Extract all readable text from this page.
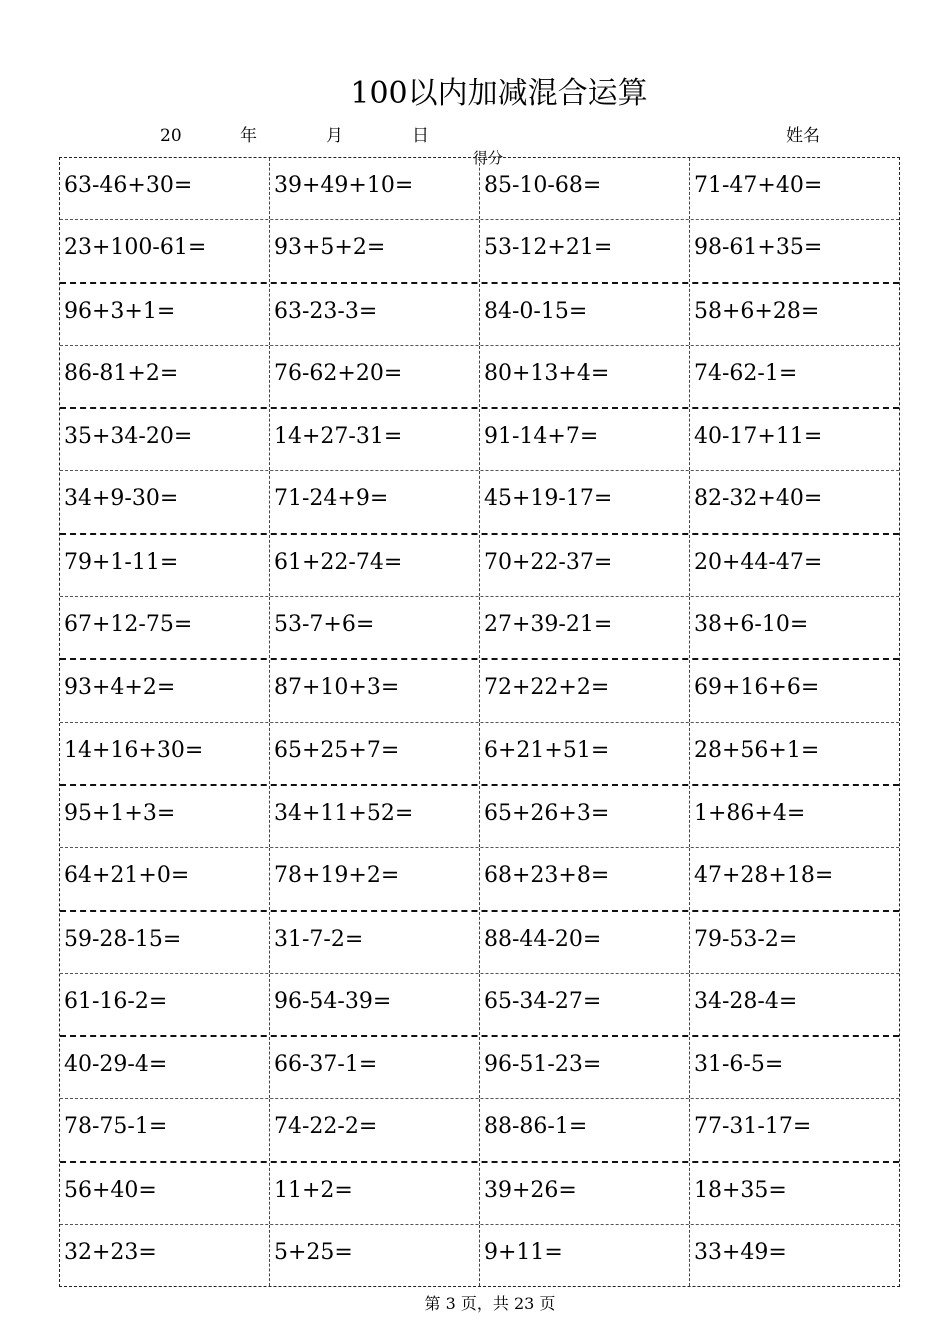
100以内加减混合运算
20	年	月	日	姓名
得分
63-46+30=	39+49+10=	85-10-68=	71-47+40=
23+100-61=	93+5+2=	53-12+21=	98-61+35=
96+3+1=	63-23-3=	84-0-15=	58+6+28=
86-81+2=	76-62+20=	80+13+4=	74-62-1=
35+34-20=	14+27-31=	91-14+7=	40-17+11=
34+9-30=	71-24+9=	45+19-17=	82-32+40=
79+1-11=	61+22-74=	70+22-37=	20+44-47=
67+12-75=	53-7+6=	27+39-21=	38+6-10=
93+4+2=	87+10+3=	72+22+2=	69+16+6=
14+16+30=	65+25+7=	6+21+51=	28+56+1=
95+1+3=	34+11+52=	65+26+3=	1+86+4=
64+21+0=	78+19+2=	68+23+8=	47+28+18=
59-28-15=	31-7-2=	88-44-20=	79-53-2=
61-16-2=	96-54-39=	65-34-27=	34-28-4=
40-29-4=	66-37-1=	96-51-23=	31-6-5=
78-75-1=	74-22-2=	88-86-1=	77-31-17=
56+40=	11+2=	39+26=	18+35=
32+23=	5+25=	9+11=	33+49=
第 3 页，共 23 页
